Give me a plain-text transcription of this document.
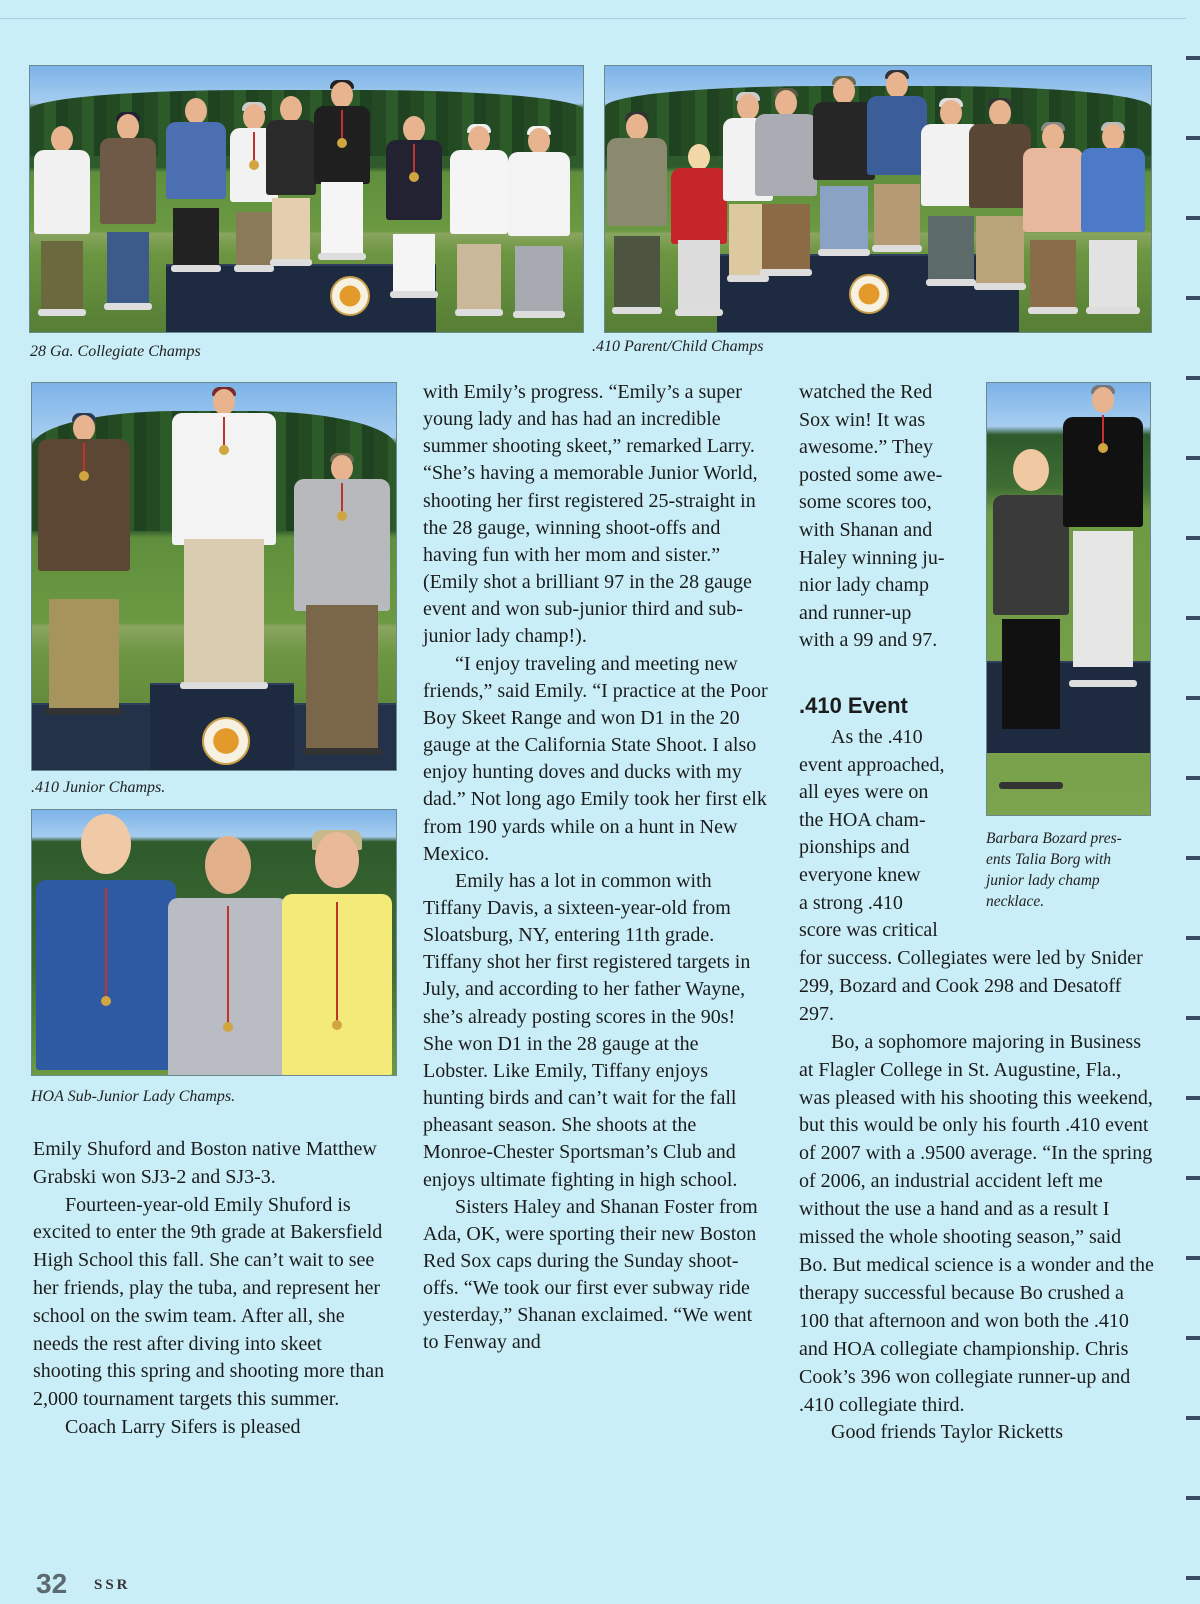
28 Ga. Collegiate Champs	.410 Parent/Child Champs

.410 Junior Champs.

HOA Sub-Junior Lady Champs.

Barbara Bozard pres-
ents Talia Borg with
junior lady champ
necklace.

Emily Shuford and Boston native Matthew Grabski won SJ3-2 and SJ3-3.

Fourteen-year-old Emily Shuford is excited to enter the 9th grade at Bakersfield High School this fall. She can’t wait to see her friends, play the tuba, and represent her school on the swim team. After all, she needs the rest after diving into skeet shooting this spring and shooting more than 2,000 tournament targets this summer.

Coach Larry Sifers is pleased

with Emily’s progress. “Emily’s a super young lady and has had an incredible summer shooting skeet,” remarked Larry. “She’s having a memorable Junior World, shooting her first registered 25-straight in the 28 gauge, winning shoot-offs and having fun with her mom and sister.” (Emily shot a brilliant 97 in the 28 gauge event and won sub-junior third and sub-junior lady champ!).

“I enjoy traveling and meeting new friends,” said Emily. “I practice at the Poor Boy Skeet Range and won D1 in the 20 gauge at the California State Shoot. I also enjoy hunting doves and ducks with my dad.” Not long ago Emily took her first elk from 190 yards while on a hunt in New Mexico.

Emily has a lot in common with Tiffany Davis, a sixteen-year-old from Sloatsburg, NY, entering 11th grade. Tiffany shot her first registered targets in July, and according to her father Wayne, she’s already posting scores in the 90s! She won D1 in the 28 gauge at the Lobster. Like Emily, Tiffany enjoys hunting birds and can’t wait for the fall pheasant season. She shoots at the Monroe-Chester Sportsman’s Club and enjoys ultimate fighting in high school.

Sisters Haley and Shanan Foster from Ada, OK, were sporting their new Boston Red Sox caps during the Sunday shoot-offs. “We took our first ever subway ride yesterday,” Shanan exclaimed. “We went to Fenway and

watched the Red

Sox win! It was

awesome.” They

posted some awe-

some scores too,

with Shanan and

Haley winning ju-

nior lady champ

and runner-up

with a 99 and 97.

.410 Event

As the .410

event approached,

all eyes were on

the HOA cham-

pionships and

everyone knew

a strong .410

score was critical

for success. Collegiates were led by Snider 299, Bozard and Cook 298 and Desatoff 297.

Bo, a sophomore majoring in Business at Flagler College in St. Augustine, Fla., was pleased with his shooting this weekend, but this would be only his fourth .410 event of 2007 with a .9500 average. “In the spring of 2006, an industrial accident left me without the use a hand and as a result I missed the whole shooting season,” said Bo. But medical science is a wonder and the therapy successful because Bo crushed a 100 that afternoon and won both the .410 and HOA collegiate championship. Chris Cook’s 396 won collegiate runner-up and .410 collegiate third.

Good friends Taylor Ricketts

32 SSR
